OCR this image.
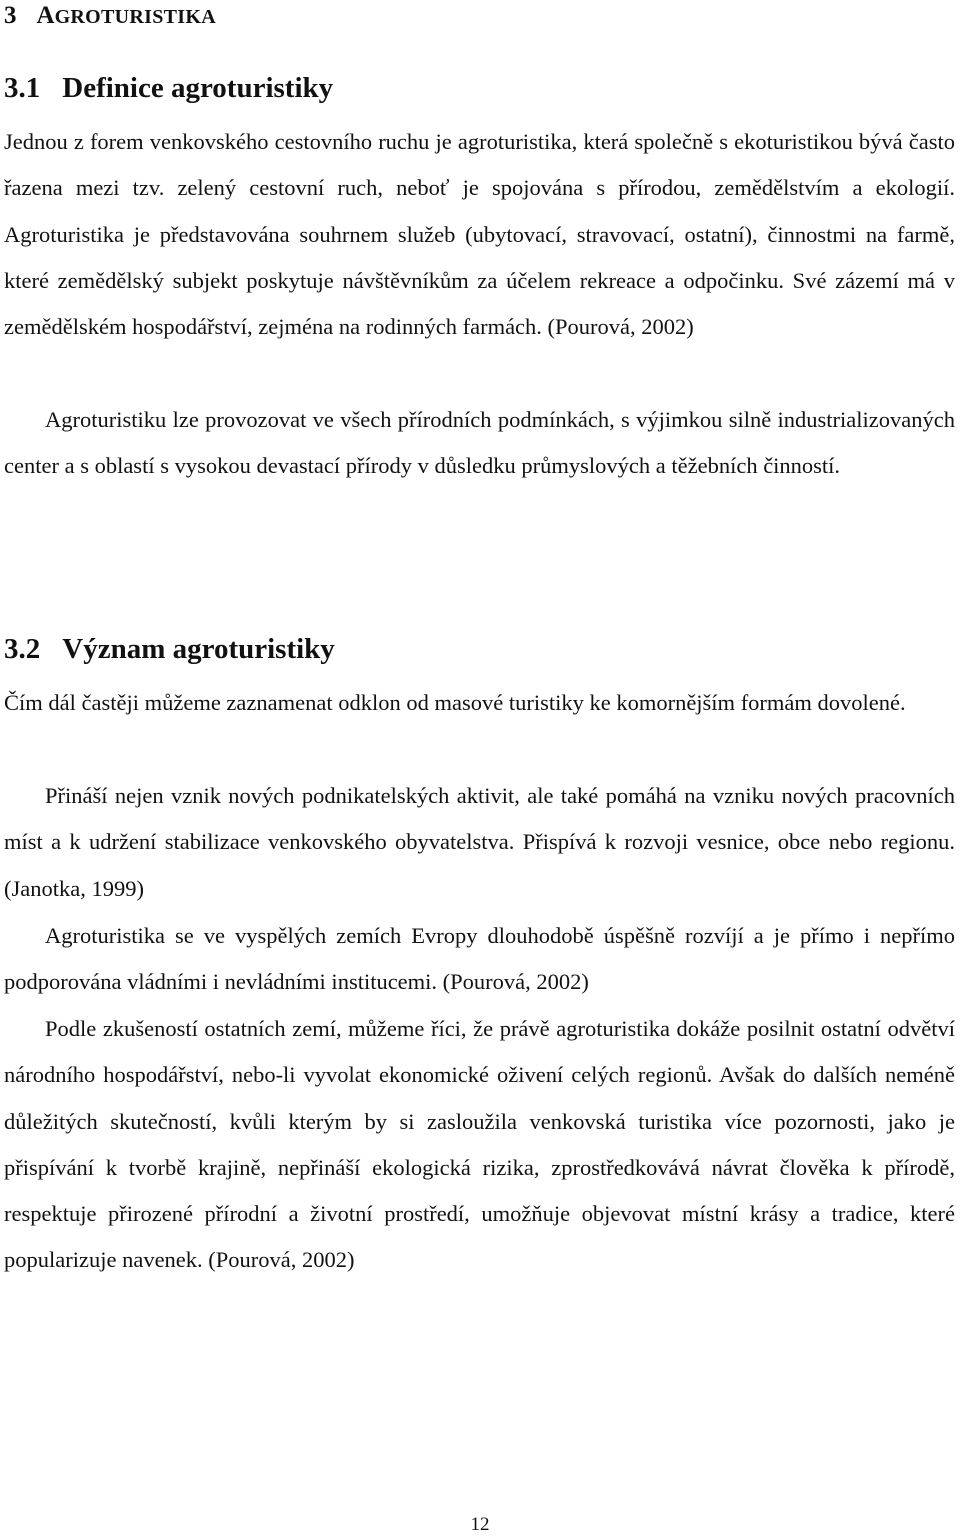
3 AGROTURISTIKA
3.1 Definice agroturistiky

Jednou z forem venkovského cestovního ruchu je agroturistika, která společně s ekoturistikou bývá často řazena mezi tzv. zelený cestovní ruch, neboť je spojována s přírodou, zemědělstvím a ekologií. Agroturistika je představována souhrnem služeb (ubytovací, stravovací, ostatní), činnostmi na farmě, které zemědělský subjekt poskytuje návštěvníkům za účelem rekreace a odpočinku. Své zázemí má v zemědělském hospodářství, zejména na rodinných farmách. (Pourová, 2002)

Agroturistiku lze provozovat ve všech přírodních podmínkách, s výjimkou silně industrializovaných center a s oblastí s vysokou devastací přírody v důsledku průmyslových a těžebních činností.

3.2 Význam agroturistiky

Čím dál častěji můžeme zaznamenat odklon od masové turistiky ke komornějším formám dovolené.

Přináší nejen vznik nových podnikatelských aktivit, ale také pomáhá na vzniku nových pracovních míst a k udržení stabilizace venkovského obyvatelstva. Přispívá k rozvoji vesnice, obce nebo regionu. (Janotka, 1999)

Agroturistika se ve vyspělých zemích Evropy dlouhodobě úspěšně rozvíjí a je přímo i nepřímo podporována vládními i nevládními institucemi. (Pourová, 2002)

Podle zkušeností ostatních zemí, můžeme říci, že právě agroturistika dokáže posilnit ostatní odvětví národního hospodářství, nebo-li vyvolat ekonomické oživení celých regionů. Avšak do dalších neméně důležitých skutečností, kvůli kterým by si zasloužila venkovská turistika více pozornosti, jako je přispívání k tvorbě krajině, nepřináší ekologická rizika, zprostředkovává návrat člověka k přírodě, respektuje přirozené přírodní a životní prostředí, umožňuje objevovat místní krásy a tradice, které popularizuje navenek. (Pourová, 2002)

12
